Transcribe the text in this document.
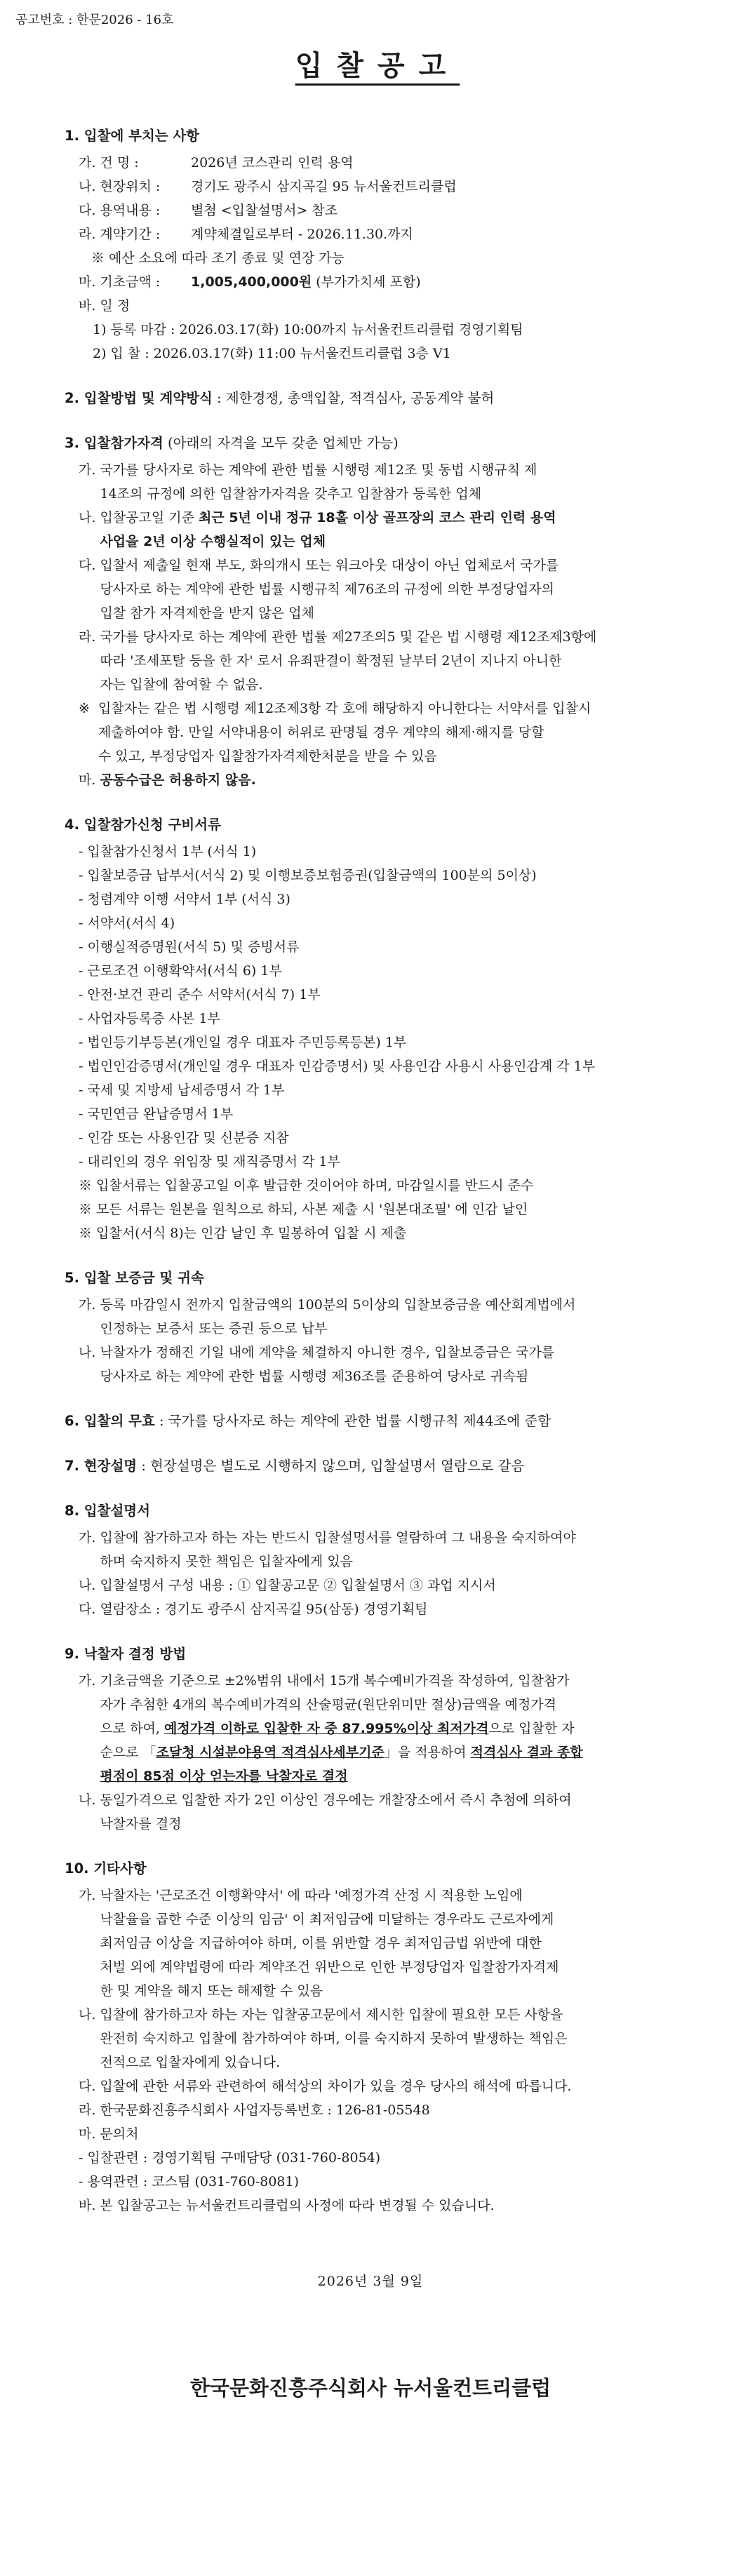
공고번호 : 한문2026 - 16호
입찰공고
1. 입찰에 부치는 사항
가. 건 명 :	2026년 코스관리 인력 용역
나. 현장위치 : 경기도 광주시 삼지곡길 95 뉴서울컨트리클럽
다. 용역내용 : 별첨 <입찰설명서> 참조
라. 계약기간 : 계약체결일로부터 - 2026.11.30.까지
※ 예산 소요에 따라 조기 종료 및 연장 가능
마. 기초금액 : 1,005,400,000원 (부가가치세 포함)
바. 일 정
1) 등록 마감 : 2026.03.17(화) 10:00까지 뉴서울컨트리클럽 경영기획팀
2) 입 찰 : 2026.03.17(화) 11:00 뉴서울컨트리클럽 3층 V1
2. 입찰방법 및 계약방식 : 제한경쟁, 총액입찰, 적격심사, 공동계약 불허
3. 입찰참가자격 (아래의 자격을 모두 갖춘 업체만 가능)
가.
국가를 당사자로 하는 계약에 관한 법률 시행령 제12조 및 동법 시행규칙 제
14조의 규정에 의한 입찰참가자격을 갖추고 입찰참가 등록한 업체
나.
입찰공고일 기준 최근 5년 이내 정규 18홀 이상 골프장의 코스 관리 인력 용역
사업을 2년 이상 수행실적이 있는 업체
다.
입찰서 제출일 현재 부도, 화의개시 또는 워크아웃 대상이 아닌 업체로서 국가를
당사자로 하는 계약에 관한 법률 시행규칙 제76조의 규정에 의한 부정당업자의
입찰 참가 자격제한을 받지 않은 업체
라.
국가를 당사자로 하는 계약에 관한 법률 제27조의5 및 같은 법 시행령 제12조제3항에
따라 '조세포탈 등을 한 자' 로서 유죄판결이 확정된 날부터 2년이 지나지 아니한
자는 입찰에 참여할 수 없음.
※
입찰자는 같은 법 시행령 제12조제3항 각 호에 해당하지 아니한다는 서약서를 입찰시
제출하여야 함. 만일 서약내용이 허위로 판명될 경우 계약의 해제·해지를 당할
수 있고, 부정당업자 입찰참가자격제한처분을 받을 수 있음
마.
공동수급은 허용하지 않음.
4. 입찰참가신청 구비서류
- 입찰참가신청서 1부 (서식 1)
- 입찰보증금 납부서(서식 2) 및 이행보증보험증권(입찰금액의 100분의 5이상)
- 청렴계약 이행 서약서 1부 (서식 3)
- 서약서(서식 4)
- 이행실적증명원(서식 5) 및 증빙서류
- 근로조건 이행확약서(서식 6) 1부
- 안전·보건 관리 준수 서약서(서식 7) 1부
- 사업자등록증 사본 1부
- 법인등기부등본(개인일 경우 대표자 주민등록등본) 1부
- 법인인감증명서(개인일 경우 대표자 인감증명서) 및 사용인감 사용시 사용인감계 각 1부
- 국세 및 지방세 납세증명서 각 1부
- 국민연금 완납증명서 1부
- 인감 또는 사용인감 및 신분증 지참
- 대리인의 경우 위임장 및 재직증명서 각 1부
※ 입찰서류는 입찰공고일 이후 발급한 것이어야 하며, 마감일시를 반드시 준수
※ 모든 서류는 원본을 원칙으로 하되, 사본 제출 시 '원본대조필' 에 인감 날인
※ 입찰서(서식 8)는 인감 날인 후 밀봉하여 입찰 시 제출
5. 입찰 보증금 및 귀속
가.
등록 마감일시 전까지 입찰금액의 100분의 5이상의 입찰보증금을 예산회계법에서
인정하는 보증서 또는 증권 등으로 납부
나.
낙찰자가 정해진 기일 내에 계약을 체결하지 아니한 경우, 입찰보증금은 국가를
당사자로 하는 계약에 관한 법률 시행령 제36조를 준용하여 당사로 귀속됨
6. 입찰의 무효 : 국가를 당사자로 하는 계약에 관한 법률 시행규칙 제44조에 준함
7. 현장설명 : 현장설명은 별도로 시행하지 않으며, 입찰설명서 열람으로 갈음
8. 입찰설명서
가.
입찰에 참가하고자 하는 자는 반드시 입찰설명서를 열람하여 그 내용을 숙지하여야
하며 숙지하지 못한 책임은 입찰자에게 있음
나.
입찰설명서 구성 내용 : ① 입찰공고문 ② 입찰설명서 ③ 과업 지시서
다.
열람장소 : 경기도 광주시 삼지곡길 95(삼동) 경영기획팀
9. 낙찰자 결정 방법
가.
기초금액을 기준으로 ±2%범위 내에서 15개 복수예비가격을 작성하여, 입찰참가
자가 추첨한 4개의 복수예비가격의 산술평균(원단위미만 절상)금액을 예정가격
으로 하여, 예정가격 이하로 입찰한 자 중 87.995%이상 최저가격으로 입찰한 자
순으로 「조달청 시설분야용역 적격심사세부기준」을 적용하여 적격심사 결과 종합
평점이 85점 이상 얻는자를 낙찰자로 결정
나.
동일가격으로 입찰한 자가 2인 이상인 경우에는 개찰장소에서 즉시 추첨에 의하여
낙찰자를 결정
10. 기타사항
가.
낙찰자는 '근로조건 이행확약서' 에 따라 '예정가격 산정 시 적용한 노임에
낙찰율을 곱한 수준 이상의 임금' 이 최저임금에 미달하는 경우라도 근로자에게
최저임금 이상을 지급하여야 하며, 이를 위반할 경우 최저임금법 위반에 대한
처벌 외에 계약법령에 따라 계약조건 위반으로 인한 부정당업자 입찰참가자격제
한 및 계약을 해지 또는 해제할 수 있음
나.
입찰에 참가하고자 하는 자는 입찰공고문에서 제시한 입찰에 필요한 모든 사항을
완전히 숙지하고 입찰에 참가하여야 하며, 이를 숙지하지 못하여 발생하는 책임은
전적으로 입찰자에게 있습니다.
다. 입찰에 관한 서류와 관련하여 해석상의 차이가 있을 경우 당사의 해석에 따릅니다.
라. 한국문화진흥주식회사 사업자등록번호 : 126-81-05548
마. 문의처
- 입찰관련 : 경영기획팀 구매담당 (031-760-8054)
- 용역관련 : 코스팀 (031-760-8081)
바. 본 입찰공고는 뉴서울컨트리클럽의 사정에 따라 변경될 수 있습니다.
2026년 3월 9일
한국문화진흥주식회사 뉴서울컨트리클럽
